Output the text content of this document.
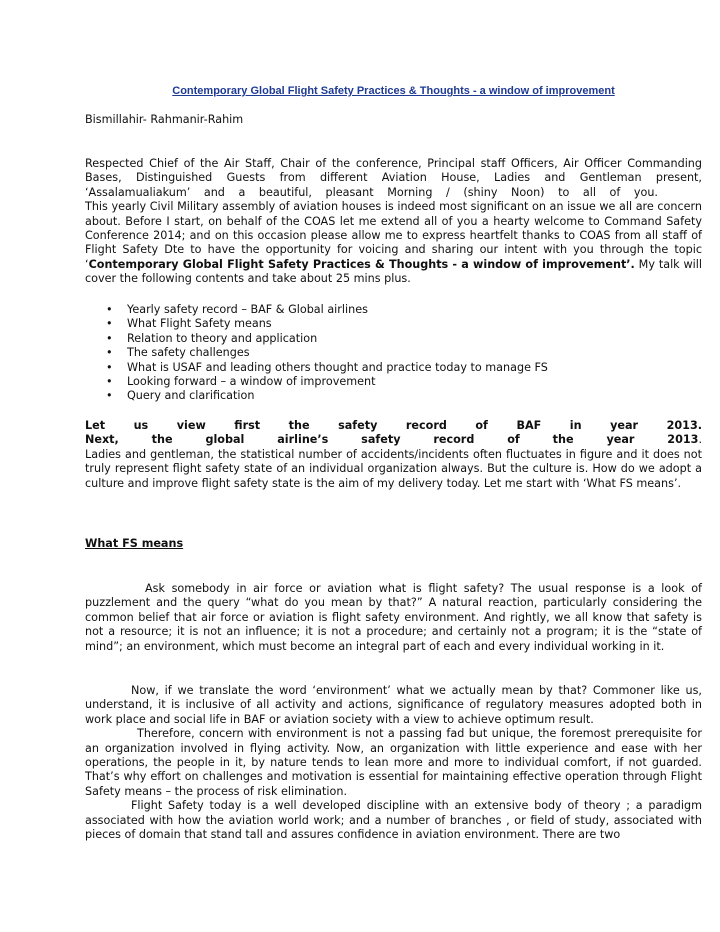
Contemporary Global Flight Safety Practices & Thoughts - a window of improvement

Bismillahir- Rahmanir-Rahim

Respected Chief of the Air Staff, Chair of the conference, Principal staff Officers, Air Officer Commanding

Bases, Distinguished Guests from different Aviation House, Ladies and Gentleman present,

‘Assalamualiakum’ and a beautiful, pleasant Morning / (shiny Noon) to all of you.

This yearly Civil Military assembly of aviation houses is indeed most significant on an issue we all are concern about. Before I start, on behalf of the COAS let me extend all of you a hearty welcome to Command Safety Conference 2014; and on this occasion please allow me to express heartfelt thanks to COAS from all staff of Flight Safety Dte to have the opportunity for voicing and sharing our intent with you through the topic ‘Contemporary Global Flight Safety Practices & Thoughts - a window of improvement’. My talk will cover the following contents and take about 25 mins plus.

• Yearly safety record – BAF & Global airlines
• What Flight Safety means
• Relation to theory and application
• The safety challenges
• What is USAF and leading others thought and practice today to manage FS
• Looking forward – a window of improvement
• Query and clarification

Let us view first the safety record of BAF in year 2013.

Next, the global airline’s safety record of the year 2013.

Ladies and gentleman, the statistical number of accidents/incidents often fluctuates in figure and it does not truly represent flight safety state of an individual organization always. But the culture is. How do we adopt a culture and improve flight safety state is the aim of my delivery today. Let me start with ‘What FS means’.

What FS means

Ask somebody in air force or aviation what is flight safety? The usual response is a look of puzzlement and the query “what do you mean by that?” A natural reaction, particularly considering the common belief that air force or aviation is flight safety environment. And rightly, we all know that safety is not a resource; it is not an influence; it is not a procedure; and certainly not a program; it is the “state of mind”; an environment, which must become an integral part of each and every individual working in it.

Now, if we translate the word ‘environment’ what we actually mean by that? Commoner like us, understand, it is inclusive of all activity and actions, significance of regulatory measures adopted both in work place and social life in BAF or aviation society with a view to achieve optimum result.

Therefore, concern with environment is not a passing fad but unique, the foremost prerequisite for an organization involved in flying activity. Now, an organization with little experience and ease with her operations, the people in it, by nature tends to lean more and more to individual comfort, if not guarded. That’s why effort on challenges and motivation is essential for maintaining effective operation through Flight Safety means – the process of risk elimination.

Flight Safety today is a well developed discipline with an extensive body of theory ; a paradigm associated with how the aviation world work; and a number of branches , or field of study, associated with pieces of domain that stand tall and assures confidence in aviation environment. There are two
